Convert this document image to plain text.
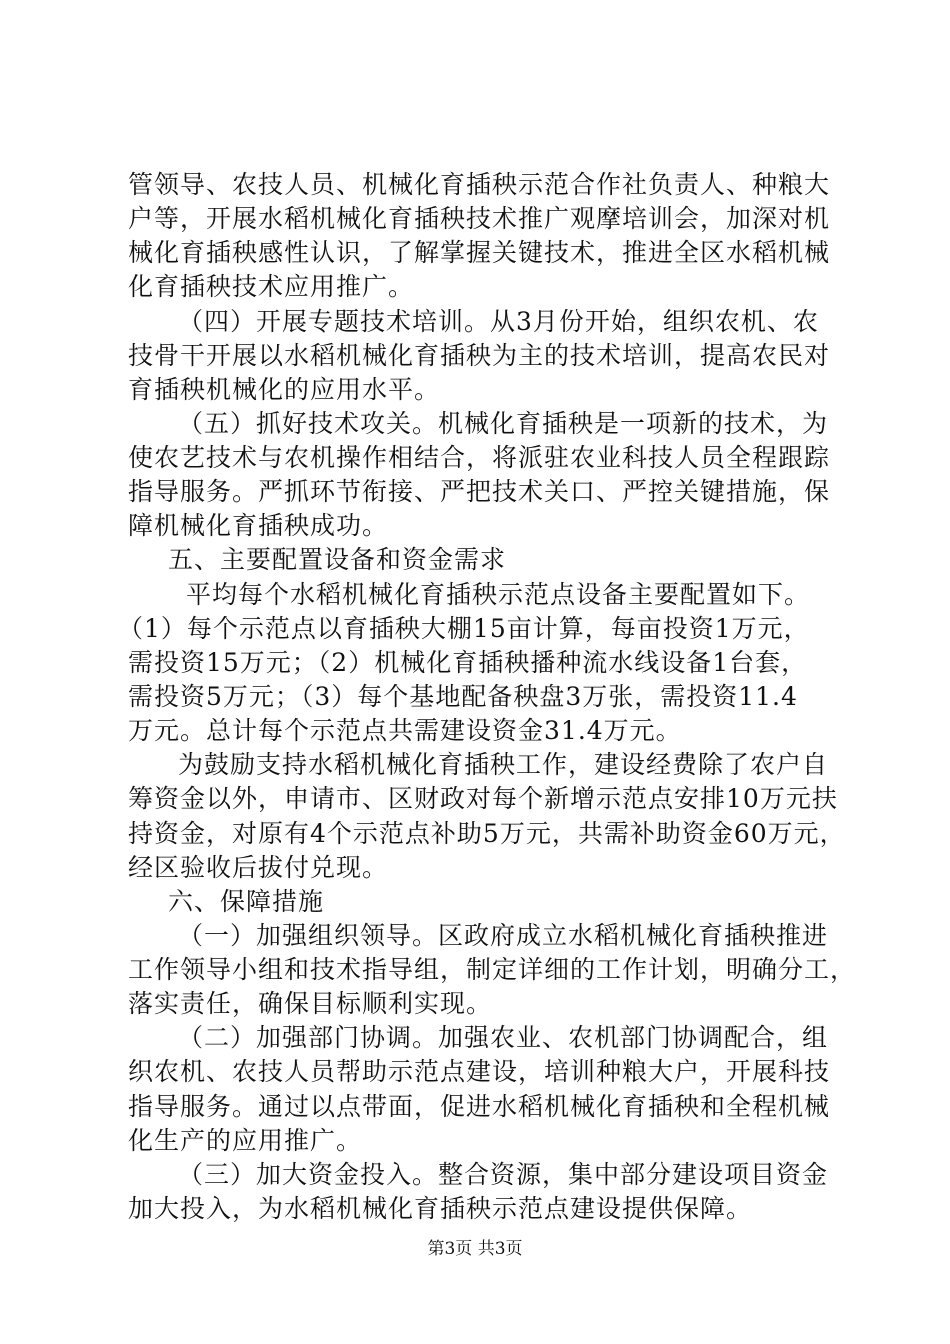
管领导、农技人员、机械化育插秧示范合作社负责人、种粮大
户等，开展水稻机械化育插秧技术推广观摩培训会，加深对机
械化育插秧感性认识，了解掌握关键技术，推进全区水稻机械
化育插秧技术应用推广。
（四）开展专题技术培训。从3月份开始，组织农机、农
技骨干开展以水稻机械化育插秧为主的技术培训，提高农民对
育插秧机械化的应用水平。
（五）抓好技术攻关。机械化育插秧是一项新的技术，为
使农艺技术与农机操作相结合，将派驻农业科技人员全程跟踪
指导服务。严抓环节衔接、严把技术关口、严控关键措施，保
障机械化育插秧成功。
五、主要配置设备和资金需求
平均每个水稻机械化育插秧示范点设备主要配置如下。
（1）每个示范点以育插秧大棚15亩计算，每亩投资1万元，
需投资15万元；（2）机械化育插秧播种流水线设备1台套，
需投资5万元；（3）每个基地配备秧盘3万张，需投资11.4
万元。总计每个示范点共需建设资金31.4万元。
为鼓励支持水稻机械化育插秧工作，建设经费除了农户自
筹资金以外，申请市、区财政对每个新增示范点安排10万元扶
持资金，对原有4个示范点补助5万元，共需补助资金60万元，
经区验收后拔付兑现。
六、保障措施
（一）加强组织领导。区政府成立水稻机械化育插秧推进
工作领导小组和技术指导组，制定详细的工作计划，明确分工，
落实责任，确保目标顺利实现。
（二）加强部门协调。加强农业、农机部门协调配合，组
织农机、农技人员帮助示范点建设，培训种粮大户，开展科技
指导服务。通过以点带面，促进水稻机械化育插秧和全程机械
化生产的应用推广。
（三）加大资金投入。整合资源，集中部分建设项目资金
加大投入，为水稻机械化育插秧示范点建设提供保障。
第3页 共3页
